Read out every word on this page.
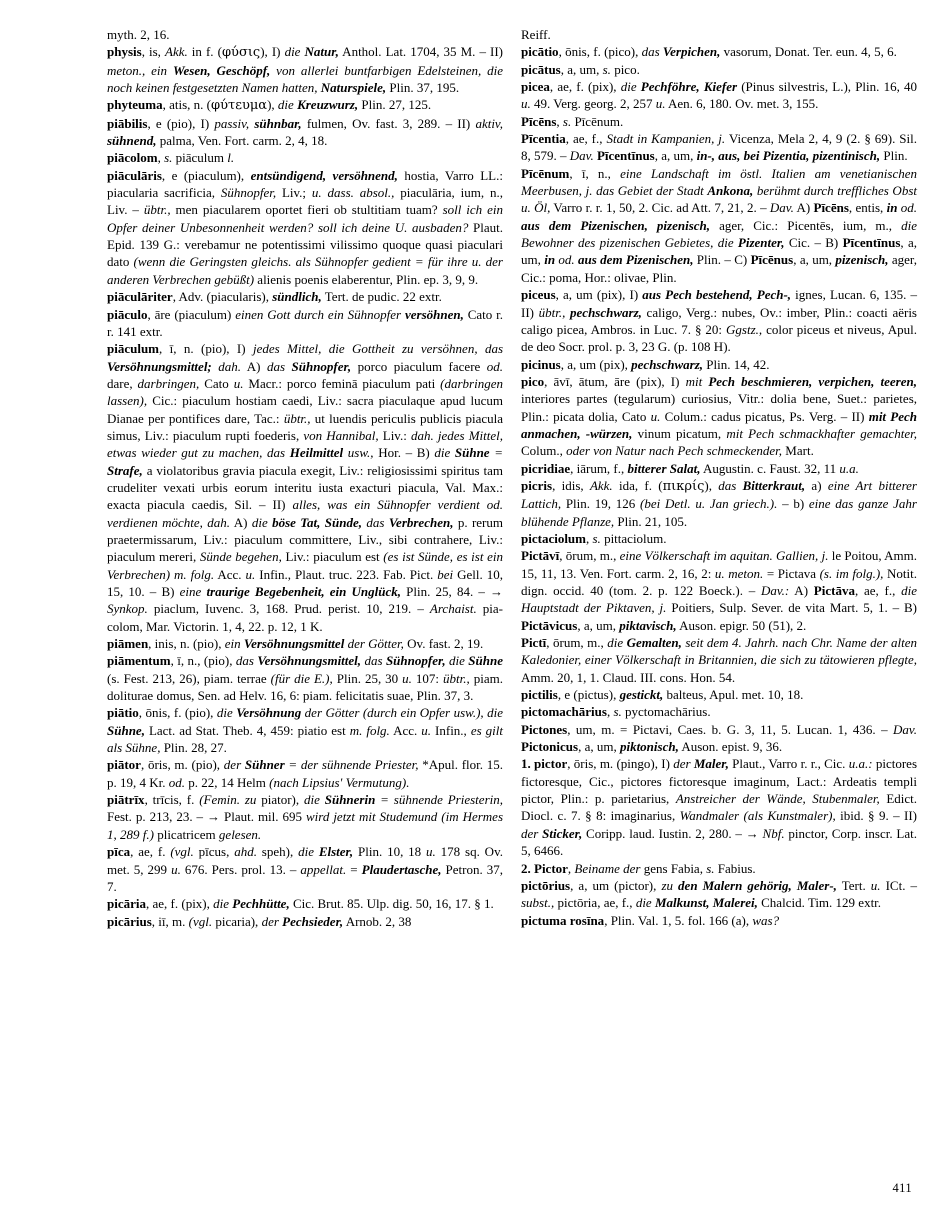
myth. 2, 16.

physis, is, Akk. in f. (φύσις), I) die Natur, Anthol. Lat. 1704, 35 M. – II) meton., ein Wesen, Geschöpf, von allerlei buntfarbigen Edelsteinen, die noch keinen festgesetzten Namen hatten, Naturspiele, Plin. 37, 195.

phyteuma, atis, n. (φύτευμα), die Kreuzwurz, Plin. 27, 125.

piābilis, e (pio), I) passiv, sühnbar, fulmen, Ov. fast. 3, 289. – II) aktiv, sühnend, palma, Ven. Fort. carm. 2, 4, 18.

piācolom, s. piāculum l.

piāculāris, e (piaculum), entsündigend, versöhnend, hostia, Varro LL.: piacularia sacrificia, Sühnopfer, Liv.; u. dass. absol., piaculāria, ium, n., Liv. – übtr., men piacularem oportet fieri ob stultitiam tuam? soll ich ein Opfer deiner Unbesonnenheit werden? soll ich deine U. ausbaden? Plaut. Epid. 139 G.: verebamur ne potentissimi vilissimo quoque quasi piaculari dato (wenn die Geringsten gleichs. als Sühnopfer gedient = für ihre u. der anderen Verbrechen gebüßt) alienis poenis elaberentur, Plin. ep. 3, 9, 9.

piāculāriter, Adv. (piacularis), sündlich, Tert. de pudic. 22 extr.

piāculo, āre (piaculum) einen Gott durch ein Sühnopfer versöhnen, Cato r. r. 141 extr.

piāculum, ī, n. (pio), I) jedes Mittel, die Gottheit zu versöhnen, das Versöhnungsmittel; dah. A) das Sühnopfer, porco piaculum facere od. dare, darbringen, Cato u. Macr.: porco feminā piaculum pati (darbringen lassen), Cic.: piaculum hostiam caedi, Liv.: sacra piaculaque apud lucum Dianae per pontifices dare, Tac.: übtr., ut luendis periculis publicis piacula simus, Liv.: piaculum rupti foederis, von Hannibal, Liv.: dah. jedes Mittel, etwas wieder gut zu machen, das Heilmittel usw., Hor. – B) die Sühne = Strafe, a violatoribus gravia piacula exegit, Liv.: religiosissimi spiritus tam crudeliter vexati urbis eorum interitu iusta exacturi piacula, Val. Max.: exacta piacula caedis, Sil. – II) alles, was ein Sühnopfer verdient od. verdienen möchte, dah. A) die böse Tat, Sünde, das Verbrechen, p. rerum praetermissarum, Liv.: piaculum committere, Liv., sibi contrahere, Liv.: piaculum mereri, Sünde begehen, Liv.: piaculum est (es ist Sünde, es ist ein Verbrechen) m. folg. Acc. u. Infin., Plaut. truc. 223. Fab. Pict. bei Gell. 10, 15, 10. – B) eine traurige Begebenheit, ein Unglück, Plin. 25, 84. – → Synkop. piaclum, Iuvenc. 3, 168. Prud. perist. 10, 219. – Archaist. piacolom, Mar. Victorin. 1, 4, 22. p. 12, 1 K.

piāmen, inis, n. (pio), ein Versöhnungsmittel der Götter, Ov. fast. 2, 19.

piāmentum, ī, n., (pio), das Versöhnungsmittel, das Sühnopfer, die Sühne (s. Fest. 213, 26), piam. terrae (für die E.), Plin. 25, 30 u. 107: übtr., piam. doliturae domus, Sen. ad Helv. 16, 6: piam. felicitatis suae, Plin. 37, 3.

piātio, ōnis, f. (pio), die Versöhnung der Götter (durch ein Opfer usw.), die Sühne, Lact. ad Stat. Theb. 4, 459: piatio est m. folg. Acc. u. Infin., es gilt als Sühne, Plin. 28, 27.

piātor, ōris, m. (pio), der Sühner = der sühnende Priester, *Apul. flor. 15. p. 19, 4 Kr. od. p. 22, 14 Helm (nach Lipsius' Vermutung).

piātrīx, trīcis, f. (Femin. zu piator), die Sühnerin = sühnende Priesterin, Fest. p. 213, 23. – → Plaut. mil. 695 wird jetzt mit Studemund (im Hermes 1, 289 f.) plicatricem gelesen.

pīca, ae, f. (vgl. pīcus, ahd. speh), die Elster, Plin. 10, 18 u. 178 sq. Ov. met. 5, 299 u. 676. Pers. prol. 13. – appellat. = Plaudertasche, Petron. 37, 7.

picāria, ae, f. (pix), die Pechhütte, Cic. Brut. 85. Ulp. dig. 50, 16, 17. § 1.

picārius, iī, m. (vgl. picaria), der Pechsieder, Arnob. 2, 38

Reiff.

picātio, ōnis, f. (pico), das Verpichen, vasorum, Donat. Ter. eun. 4, 5, 6.

picātus, a, um, s. pico.

picea, ae, f. (pix), die Pechföhre, Kiefer (Pinus silvestris, L.), Plin. 16, 40 u. 49. Verg. georg. 2, 257 u. Aen. 6, 180. Ov. met. 3, 155.

Pīcēns, s. Pīcēnum.

Pīcentia, ae, f., Stadt in Kampanien, j. Vicenza, Mela 2, 4, 9 (2. § 69). Sil. 8, 579. – Dav. Pīcentīnus, a, um, in-, aus, bei Pizentia, pizentinisch, Plin.

Pīcēnum, ī, n., eine Landschaft im östl. Italien am venetianischen Meerbusen, j. das Gebiet der Stadt Ankona, berühmt durch treffliches Obst u. Öl, Varro r. r. 1, 50, 2. Cic. ad Att. 7, 21, 2. – Dav. A) Pīcēns, entis, in od. aus dem Pizenischen, pizenisch, ager, Cic.: Picentēs, ium, m., die Bewohner des pizenischen Gebietes, die Pizenter, Cic. – B) Pīcentīnus, a, um, in od. aus dem Pizenischen, Plin. – C) Pīcēnus, a, um, pizenisch, ager, Cic.: poma, Hor.: olivae, Plin.

piceus, a, um (pix), I) aus Pech bestehend, Pech-, ignes, Lucan. 6, 135. – II) übtr., pechschwarz, caligo, Verg.: nubes, Ov.: imber, Plin.: coacti aëris caligo picea, Ambros. in Luc. 7. § 20: Ggstz., color piceus et niveus, Apul. de deo Socr. prol. p. 3, 23 G. (p. 108 H).

picinus, a, um (pix), pechschwarz, Plin. 14, 42.

pico, āvī, ātum, āre (pix), I) mit Pech beschmieren, verpichen, teeren, interiores partes (tegularum) curiosius, Vitr.: dolia bene, Suet.: parietes, Plin.: picata dolia, Cato u. Colum.: cadus picatus, Ps. Verg. – II) mit Pech anmachen, -würzen, vinum picatum, mit Pech schmackhafter gemachter, Colum., oder von Natur nach Pech schmeckender, Mart.

picridiae, iārum, f., bitterer Salat, Augustin. c. Faust. 32, 11 u.a.

picris, idis, Akk. ida, f. (πικρίς), das Bitterkraut, a) eine Art bitterer Lattich, Plin. 19, 126 (bei Detl. u. Jan griech.). – b) eine das ganze Jahr blühende Pflanze, Plin. 21, 105.

pictaciolum, s. pittaciolum.

Pictāvī, ōrum, m., eine Völkerschaft im aquitan. Gallien, j. le Poitou, Amm. 15, 11, 13. Ven. Fort. carm. 2, 16, 2: u. meton. = Pictava (s. im folg.), Notit. dign. occid. 40 (tom. 2. p. 122 Boeck.). – Dav.: A) Pictāva, ae, f., die Hauptstadt der Piktaven, j. Poitiers, Sulp. Sever. de vita Mart. 5, 1. – B) Pictāvicus, a, um, piktavisch, Auson. epigr. 50 (51), 2.

Pictī, ōrum, m., die Gemalten, seit dem 4. Jahrh. nach Chr. Name der alten Kaledonier, einer Völkerschaft in Britannien, die sich zu tätowieren pflegte, Amm. 20, 1, 1. Claud. III. cons. Hon. 54.

pictilis, e (pictus), gestickt, balteus, Apul. met. 10, 18.

pictomachārius, s. pyctomachārius.

Pictones, um, m. = Pictavi, Caes. b. G. 3, 11, 5. Lucan. 1, 436. – Dav. Pictonicus, a, um, piktonisch, Auson. epist. 9, 36.

1. pictor, ōris, m. (pingo), I) der Maler, Plaut., Varro r. r., Cic. u.a.: pictores fictoresque, Cic., pictores fictoresque imaginum, Lact.: Ardeatis templi pictor, Plin.: p. parietarius, Anstreicher der Wände, Stubenmaler, Edict. Diocl. c. 7. § 8: imaginarius, Wandmaler (als Kunstmaler), ibid. § 9. – II) der Sticker, Coripp. laud. Iustin. 2, 280. – → Nbf. pinctor, Corp. inscr. Lat. 5, 6466.

2. Pictor, Beiname der gens Fabia, s. Fabius.

pictōrius, a, um (pictor), zu den Malern gehörig, Maler-, Tert. u. ICt. – subst., pictōria, ae, f., die Malkunst, Malerei, Chalcid. Tim. 129 extr.

pictuma rosīna, Plin. Val. 1, 5. fol. 166 (a), was?

411
